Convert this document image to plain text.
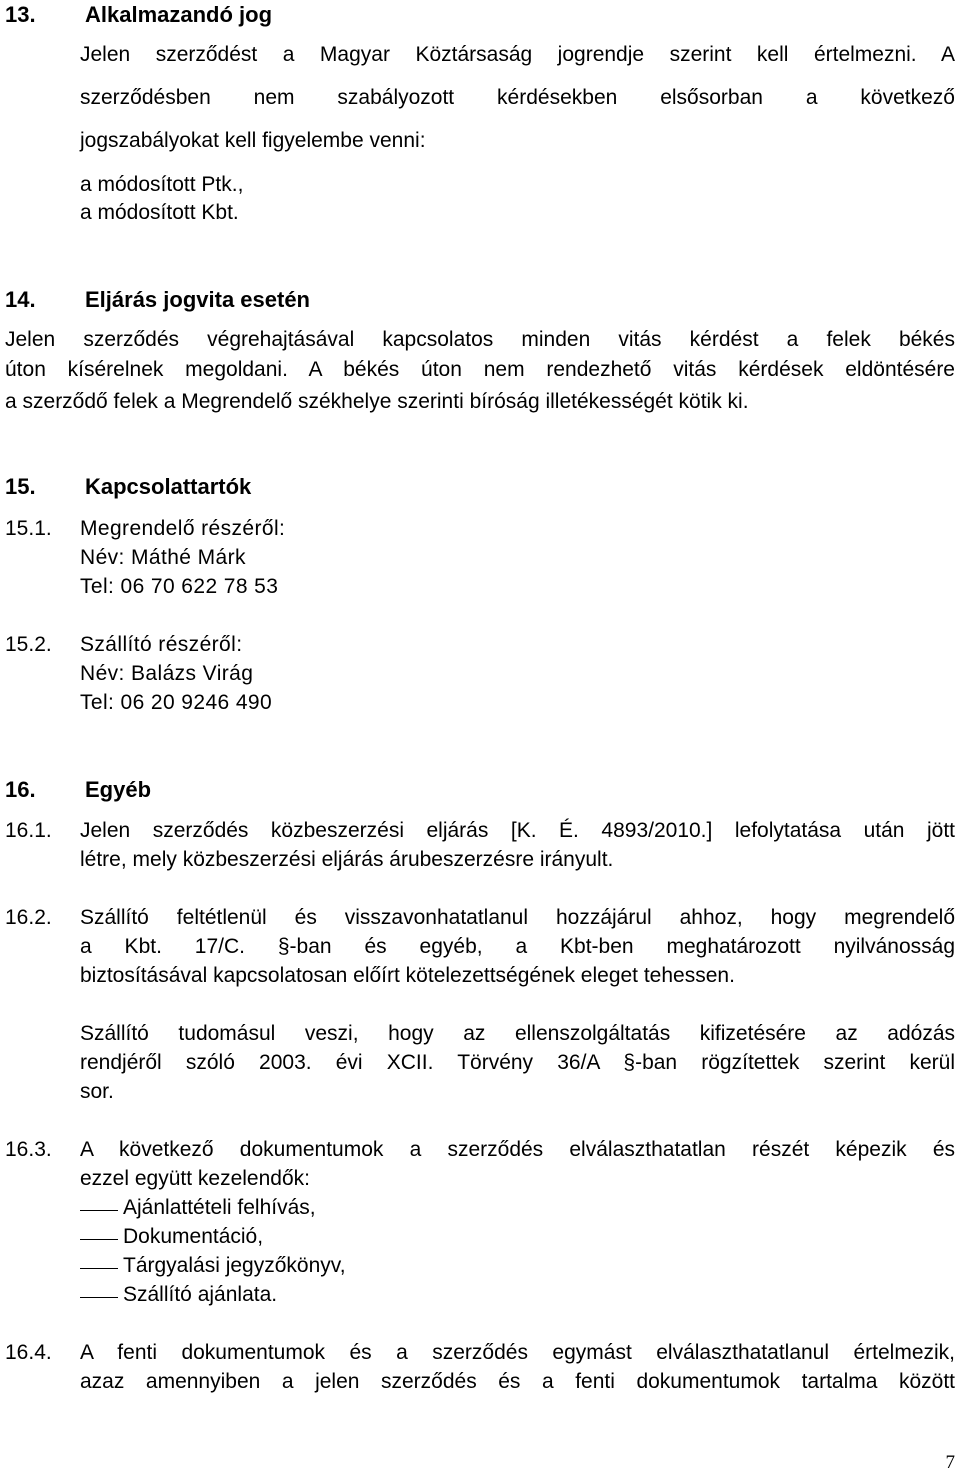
13. Alkalmazandó jog
Jelen szerződést a Magyar Köztársaság jogrendje szerint kell értelmezni. A
szerződésben nem szabályozott kérdésekben elsősorban a következő
jogszabályokat kell figyelembe venni:
a módosított Ptk.,
a módosított Kbt.
14. Eljárás jogvita esetén
Jelen szerződés végrehajtásával kapcsolatos minden vitás kérdést a felek békés
úton kísérelnek megoldani. A békés úton nem rendezhető vitás kérdések eldöntésére
a szerződő felek a Megrendelő székhelye szerinti bíróság illetékességét kötik ki.
15. Kapcsolattartók
15.1. Megrendelő részéről:
Név: Máthé Márk
Tel: 06 70 622 78 53
15.2. Szállító részéről:
Név: Balázs Virág
Tel: 06 20 9246 490
16. Egyéb
16.1. Jelen szerződés közbeszerzési eljárás [K. É. 4893/2010.] lefolytatása után jött
létre, mely közbeszerzési eljárás árubeszerzésre irányult.
16.2. Szállító feltétlenül és visszavonhatatlanul hozzájárul ahhoz, hogy megrendelő
a Kbt. 17/C. §-ban és egyéb, a Kbt-ben meghatározott nyilvánosság
biztosításával kapcsolatosan előírt kötelezettségének eleget tehessen.
Szállító tudomásul veszi, hogy az ellenszolgáltatás kifizetésére az adózás
rendjéről szóló 2003. évi XCII. Törvény 36/A §-ban rögzítettek szerint kerül
sor.
16.3. A következő dokumentumok a szerződés elválaszthatatlan részét képezik és
ezzel együtt kezelendők:
Ajánlattételi felhívás,
Dokumentáció,
Tárgyalási jegyzőkönyv,
Szállító ajánlata.
16.4. A fenti dokumentumok és a szerződés egymást elválaszthatatlanul értelmezik,
azaz amennyiben a jelen szerződés és a fenti dokumentumok tartalma között
7
